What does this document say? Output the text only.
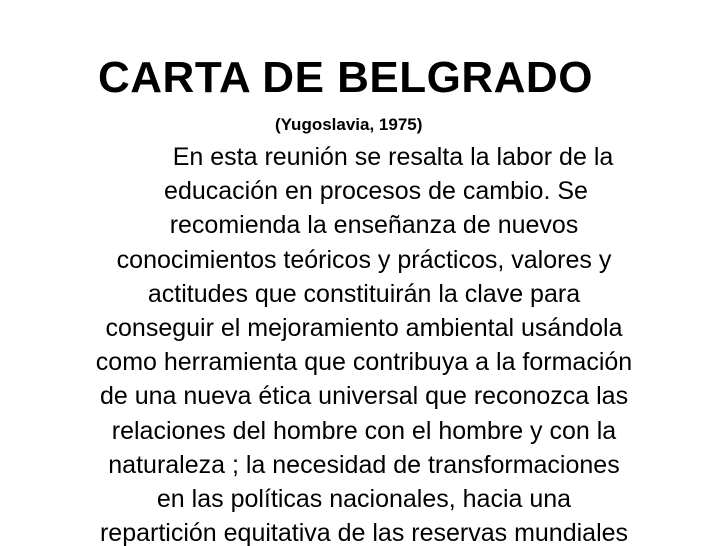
CARTA DE BELGRADO
(Yugoslavia, 1975)
En esta reunión se resalta la labor de la
educación en procesos de cambio. Se
recomienda la enseñanza de nuevos
conocimientos teóricos y prácticos, valores y
actitudes que constituirán la clave para
conseguir el mejoramiento ambiental usándola
como herramienta que contribuya a la formación
de una nueva ética universal que reconozca las
relaciones del hombre con el hombre y con la
naturaleza ; la necesidad de transformaciones
en las políticas nacionales, hacia una
repartición equitativa de las reservas mundiales
